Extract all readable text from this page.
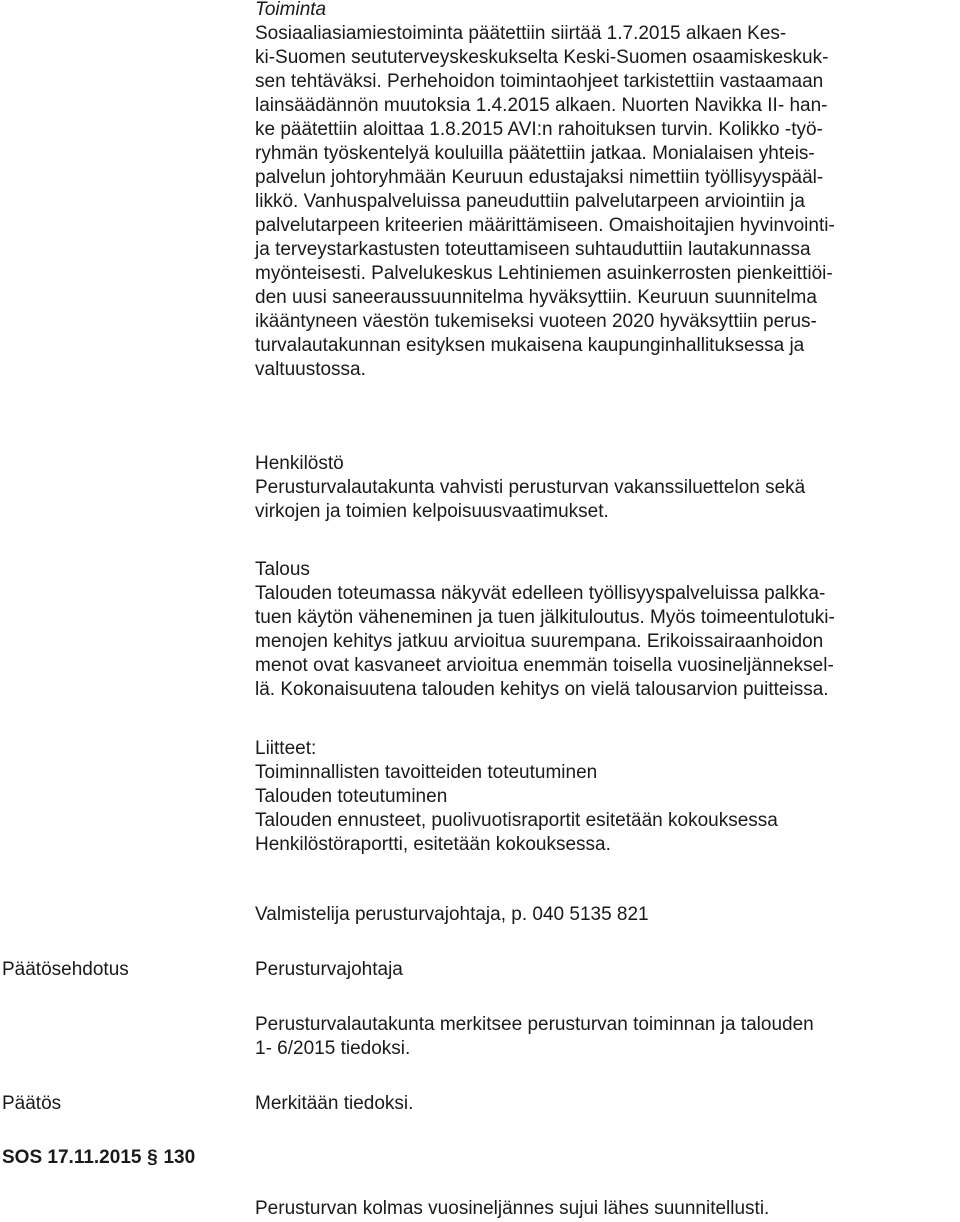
Toiminta
Sosiaaliasiamiestoiminta päätettiin siirtää 1.7.2015 alkaen Kes-
ki-Suomen seututerveyskeskukselta Keski-Suomen osaamiskeskuk-
sen tehtäväksi. Perhehoidon toimintaohjeet tarkistettiin vastaamaan
lainsäädännön muutoksia 1.4.2015 alkaen. Nuorten Navikka II- han-
ke päätettiin aloittaa 1.8.2015 AVI:n rahoituksen turvin. Kolikko -työ-
ryhmän työskentelyä kouluilla päätettiin jatkaa. Monialaisen yhteis-
palvelun johtoryhmään Keuruun edustajaksi nimettiin työllisyyspääl-
likkö. Vanhuspalveluissa paneuduttiin palvelutarpeen arviointiin ja
palvelutarpeen kriteerien määrittämiseen. Omaishoitajien hyvinvointi-
ja terveystarkastusten toteuttamiseen suhtauduttiin lautakunnassa
myönteisesti. Palvelukeskus Lehtiniemen asuinkerrosten pienkeittiöi-
den uusi saneeraussuunnitelma hyväksyttiin. Keuruun suunnitelma
ikääntyneen väestön tukemiseksi vuoteen 2020 hyväksyttiin perus-
turvalautakunnan esityksen mukaisena kaupunginhallituksessa ja
valtuustossa.
Henkilöstö
Perusturvalautakunta vahvisti perusturvan vakanssiluettelon sekä
virkojen ja toimien kelpoisuusvaatimukset.
Talous
Talouden toteumassa näkyvät edelleen työllisyyspalveluissa palkka-
tuen käytön väheneminen ja tuen jälkituloutus. Myös toimeentulotuki-
menojen kehitys jatkuu arvioitua suurempana. Erikoissairaanhoidon
menot ovat kasvaneet arvioitua enemmän toisella vuosineljänneksel-
lä. Kokonaisuutena talouden kehitys on vielä talousarvion puitteissa.
Liitteet:
Toiminnallisten tavoitteiden toteutuminen
Talouden toteutuminen
Talouden ennusteet, puolivuotisraportit esitetään kokouksessa
Henkilöstöraportti, esitetään kokouksessa.
Valmistelija perusturvajohtaja, p. 040 5135 821
Päätösehdotus	Perusturvajohtaja
Perusturvalautakunta merkitsee perusturvan toiminnan ja talouden
1- 6/2015 tiedoksi.
Päätös	Merkitään tiedoksi.
SOS 17.11.2015 § 130
Perusturvan kolmas vuosineljännes sujui lähes suunnitellusti.
